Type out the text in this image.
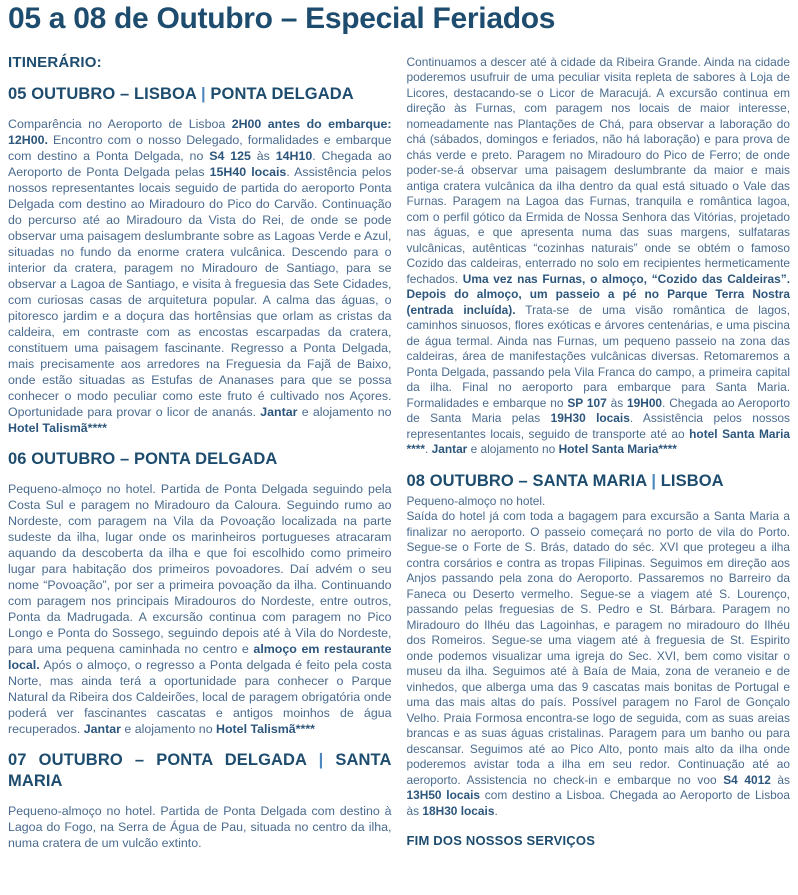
05 a 08 de Outubro – Especial Feriados
ITINERÁRIO:
05 OUTUBRO – LISBOA | PONTA DELGADA

Comparência no Aeroporto de Lisboa 2H00 antes do embarque: 12H00. Encontro com o nosso Delegado, formalidades e embarque com destino a Ponta Delgada, no S4 125 às 14H10. Chegada ao Aeroporto de Ponta Delgada pelas 15H40 locais. Assistência pelos nossos representantes locais seguido de partida do aeroporto Ponta Delgada com destino ao Miradouro do Pico do Carvão. Continuação do percurso até ao Miradouro da Vista do Rei, de onde se pode observar uma paisagem deslumbrante sobre as Lagoas Verde e Azul, situadas no fundo da enorme cratera vulcânica. Descendo para o interior da cratera, paragem no Miradouro de Santiago, para se observar a Lagoa de Santiago, e visita à freguesia das Sete Cidades, com curiosas casas de arquitetura popular. A calma das águas, o pitoresco jardim e a doçura das hortênsias que orlam as cristas da caldeira, em contraste com as encostas escarpadas da cratera, constituem uma paisagem fascinante. Regresso a Ponta Delgada, mais precisamente aos arredores na Freguesia da Fajã de Baixo, onde estão situadas as Estufas de Ananases para que se possa conhecer o modo peculiar como este fruto é cultivado nos Açores. Oportunidade para provar o licor de ananás. Jantar e alojamento no Hotel Talismã****

06 OUTUBRO – PONTA DELGADA

Pequeno-almoço no hotel. Partida de Ponta Delgada seguindo pela Costa Sul e paragem no Miradouro da Caloura. Seguindo rumo ao Nordeste, com paragem na Vila da Povoação localizada na parte sudeste da ilha, lugar onde os marinheiros portugueses atracaram aquando da descoberta da ilha e que foi escolhido como primeiro lugar para habitação dos primeiros povoadores. Daí advém o seu nome “Povoação”, por ser a primeira povoação da ilha. Continuando com paragem nos principais Miradouros do Nordeste, entre outros, Ponta da Madrugada. A excursão continua com paragem no Pico Longo e Ponta do Sossego, seguindo depois até à Vila do Nordeste, para uma pequena caminhada no centro e almoço em restaurante local. Após o almoço, o regresso a Ponta delgada é feito pela costa Norte, mas ainda terá a oportunidade para conhecer o Parque Natural da Ribeira dos Caldeirões, local de paragem obrigatória onde poderá ver fascinantes cascatas e antigos moinhos de água recuperados. Jantar e alojamento no Hotel Talismã****

07 OUTUBRO – PONTA DELGADA | SANTA MARIA

Pequeno-almoço no hotel. Partida de Ponta Delgada com destino à Lagoa do Fogo, na Serra de Água de Pau, situada no centro da ilha, numa cratera de um vulcão extinto.

Continuamos a descer até à cidade da Ribeira Grande. Ainda na cidade poderemos usufruir de uma peculiar visita repleta de sabores à Loja de Licores, destacando-se o Licor de Maracujá. A excursão continua em direção às Furnas, com paragem nos locais de maior interesse, nomeadamente nas Plantações de Chá, para observar a laboração do chá (sábados, domingos e feriados, não há laboração) e para prova de chás verde e preto. Paragem no Miradouro do Pico de Ferro; de onde poder-se-á observar uma paisagem deslumbrante da maior e mais antiga cratera vulcânica da ilha dentro da qual está situado o Vale das Furnas. Paragem na Lagoa das Furnas, tranquila e romântica lagoa, com o perfil gótico da Ermida de Nossa Senhora das Vitórias, projetado nas águas, e que apresenta numa das suas margens, sulfataras vulcânicas, autênticas “cozinhas naturais” onde se obtém o famoso Cozido das caldeiras, enterrado no solo em recipientes hermeticamente fechados. Uma vez nas Furnas, o almoço, “Cozido das Caldeiras”. Depois do almoço, um passeio a pé no Parque Terra Nostra (entrada incluída). Trata-se de uma visão romântica de lagos, caminhos sinuosos, flores exóticas e árvores centenárias, e uma piscina de água termal. Ainda nas Furnas, um pequeno passeio na zona das caldeiras, área de manifestações vulcânicas diversas. Retomaremos a Ponta Delgada, passando pela Vila Franca do campo, a primeira capital da ilha. Final no aeroporto para embarque para Santa Maria. Formalidades e embarque no SP 107 às 19H00. Chegada ao Aeroporto de Santa Maria pelas 19H30 locais. Assistência pelos nossos representantes locais, seguido de transporte até ao hotel Santa Maria ****. Jantar e alojamento no Hotel Santa Maria****

08 OUTUBRO – SANTA MARIA | LISBOA

Pequeno-almoço no hotel.

Saída do hotel já com toda a bagagem para excursão a Santa Maria a finalizar no aeroporto. O passeio começará no porto de vila do Porto. Segue-se o Forte de S. Brás, datado do séc. XVI que protegeu a ilha contra corsários e contra as tropas Filipinas. Seguimos em direção aos Anjos passando pela zona do Aeroporto. Passaremos no Barreiro da Faneca ou Deserto vermelho. Segue-se a viagem até S. Lourenço, passando pelas freguesias de S. Pedro e St. Bárbara. Paragem no Miradouro do Ilhéu das Lagoinhas, e paragem no miradouro do Ilhéu dos Romeiros. Segue-se uma viagem até à freguesia de St. Espirito onde podemos visualizar uma igreja do Sec. XVI, bem como visitar o museu da ilha. Seguimos até à Baía de Maia, zona de veraneio e de vinhedos, que alberga uma das 9 cascatas mais bonitas de Portugal e uma das mais altas do país. Possível paragem no Farol de Gonçalo Velho. Praia Formosa encontra-se logo de seguida, com as suas areias brancas e as suas águas cristalinas. Paragem para um banho ou para descansar. Seguimos até ao Pico Alto, ponto mais alto da ilha onde poderemos avistar toda a ilha em seu redor. Continuação até ao aeroporto. Assistencia no check-in e embarque no voo S4 4012 às 13H50 locais com destino a Lisboa. Chegada ao Aeroporto de Lisboa às 18H30 locais.

FIM DOS NOSSOS SERVIÇOS
